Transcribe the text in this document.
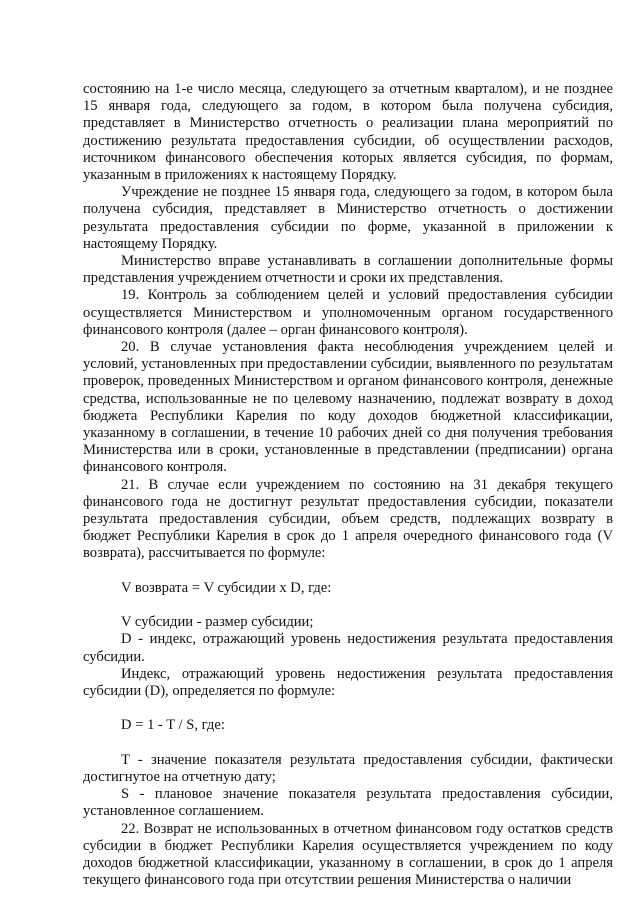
состоянию на 1-е число месяца, следующего за отчетным кварталом), и не позднее 15 января года, следующего за годом, в котором была получена субсидия, представляет в Министерство отчетность о реализации плана мероприятий по достижению результата предоставления субсидии, об осуществлении расходов, источником финансового обеспечения которых является субсидия, по формам, указанным в приложениях к настоящему Порядку.

Учреждение не позднее 15 января года, следующего за годом, в котором была получена субсидия, представляет в Министерство отчетность о достижении результата предоставления субсидии по форме, указанной в приложении к настоящему Порядку.

Министерство вправе устанавливать в соглашении дополнительные формы представления учреждением отчетности и сроки их представления.

19. Контроль за соблюдением целей и условий предоставления субсидии осуществляется Министерством и уполномоченным органом государственного финансового контроля (далее – орган финансового контроля).

20. В случае установления факта несоблюдения учреждением целей и условий, установленных при предоставлении субсидии, выявленного по результатам проверок, проведенных Министерством и органом финансового контроля, денежные средства, использованные не по целевому назначению, подлежат возврату в доход бюджета Республики Карелия по коду доходов бюджетной классификации, указанному в соглашении, в течение 10 рабочих дней со дня получения требования Министерства или в сроки, установленные в представлении (предписании) органа финансового контроля.

21. В случае если учреждением по состоянию на 31 декабря текущего финансового года не достигнут результат предоставления субсидии, показатели результата предоставления субсидии, объем средств, подлежащих возврату в бюджет Республики Карелия в срок до 1 апреля очередного финансового года (V возврата), рассчитывается по формуле:

V возврата = V субсидии x D, где:

V субсидии - размер субсидии;

D - индекс, отражающий уровень недостижения результата предоставления субсидии.

Индекс, отражающий уровень недостижения результата предоставления субсидии (D), определяется по формуле:

D = 1 - T / S, где:

T - значение показателя результата предоставления субсидии, фактически достигнутое на отчетную дату;

S - плановое значение показателя результата предоставления субсидии, установленное соглашением.

22. Возврат не использованных в отчетном финансовом году остатков средств субсидии в бюджет Республики Карелия осуществляется учреждением по коду доходов бюджетной классификации, указанному в соглашении, в срок до 1 апреля текущего финансового года при отсутствии решения Министерства о наличии
